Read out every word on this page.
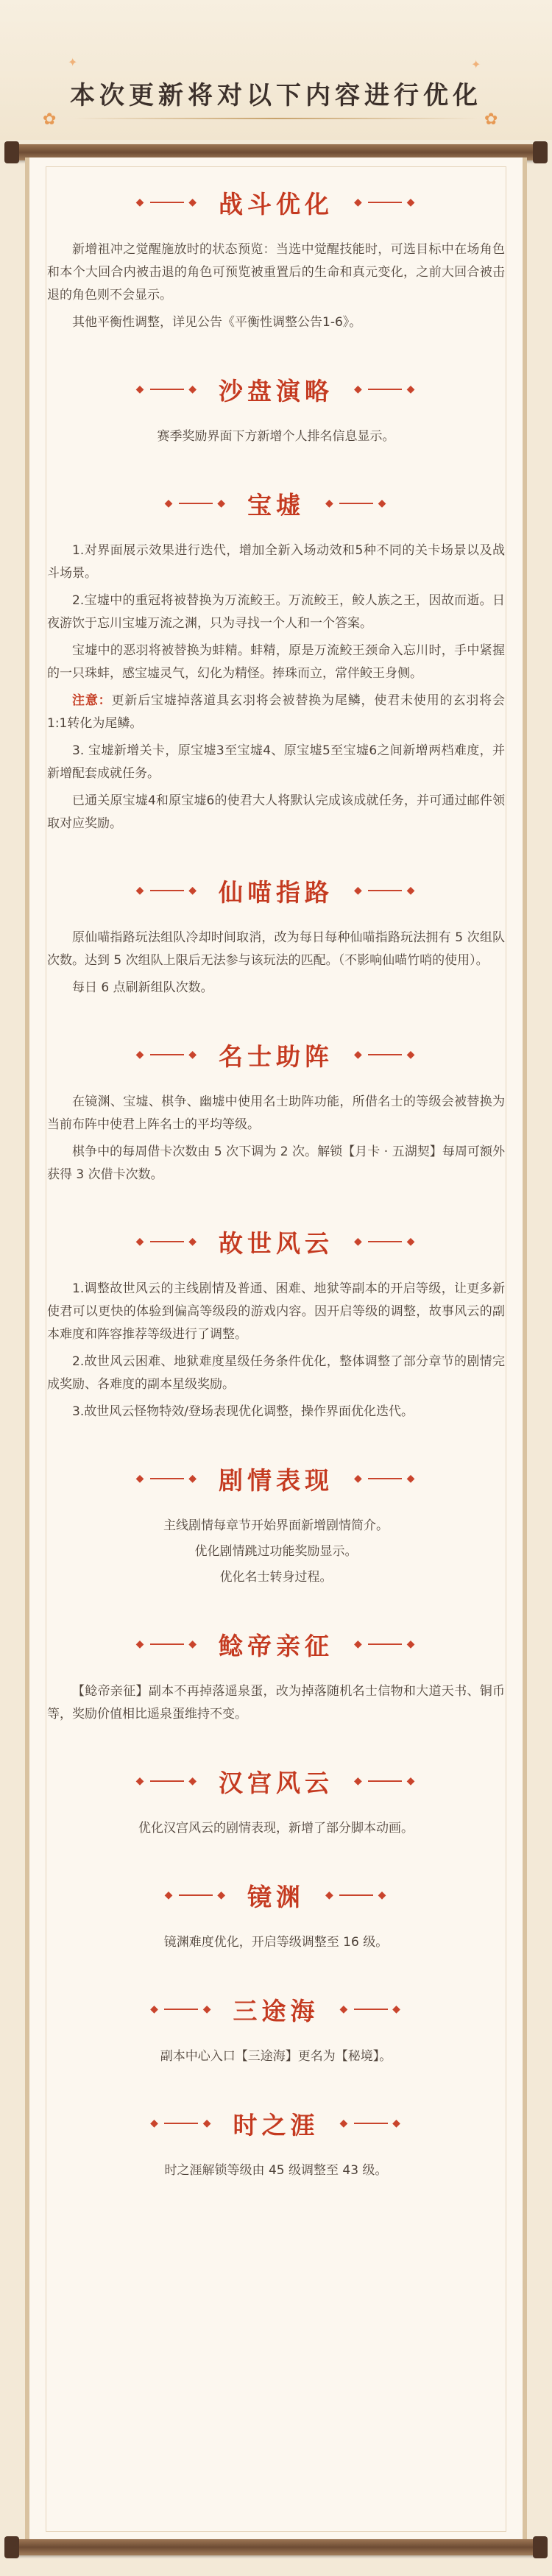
✿	✿
✦	✦
本次更新将对以下内容进行优化
◆	◆ 战斗优化 ◆	◆

新增祖冲之觉醒施放时的状态预览：当选中觉醒技能时，可选目标中在场角色和本个大回合内被击退的角色可预览被重置后的生命和真元变化，之前大回合被击退的角色则不会显示。

其他平衡性调整，详见公告《平衡性调整公告1-6》。

◆	◆ 沙盘演略 ◆	◆

赛季奖励界面下方新增个人排名信息显示。

◆	◆ 宝墟 ◆	◆

1.对界面展示效果进行迭代，增加全新入场动效和5种不同的关卡场景以及战斗场景。

2.宝墟中的重冠将被替换为万流鲛王。万流鲛王，鲛人族之王，因故而逝。日夜游饮于忘川宝墟万流之渊，只为寻找一个人和一个答案。

宝墟中的恶羽将被替换为蚌精。蚌精，原是万流鲛王颈命入忘川时，手中紧握的一只珠蚌，感宝墟灵气，幻化为精怪。捧珠而立，常伴鲛王身侧。

注意：更新后宝墟掉落道具玄羽将会被替换为尾鳞，使君未使用的玄羽将会1:1转化为尾鳞。

3. 宝墟新增关卡，原宝墟3至宝墟4、原宝墟5至宝墟6之间新增两档难度，并新增配套成就任务。

已通关原宝墟4和原宝墟6的使君大人将默认完成该成就任务，并可通过邮件领取对应奖励。

◆	◆ 仙喵指路 ◆	◆

原仙喵指路玩法组队冷却时间取消，改为每日每种仙喵指路玩法拥有 5 次组队次数。达到 5 次组队上限后无法参与该玩法的匹配。（不影响仙喵竹哨的使用）。

每日 6 点刷新组队次数。

◆	◆ 名士助阵 ◆	◆

在镜渊、宝墟、棋争、幽墟中使用名士助阵功能，所借名士的等级会被替换为当前布阵中使君上阵名士的平均等级。

棋争中的每周借卡次数由 5 次下调为 2 次。解锁【月卡 · 五湖契】每周可额外获得 3 次借卡次数。

◆	◆ 故世风云 ◆	◆

1.调整故世风云的主线剧情及普通、困难、地狱等副本的开启等级，让更多新使君可以更快的体验到偏高等级段的游戏内容。因开启等级的调整，故事风云的副本难度和阵容推荐等级进行了调整。

2.故世风云困难、地狱难度星级任务条件优化，整体调整了部分章节的剧情完成奖励、各难度的副本星级奖励。

3.故世风云怪物特效/登场表现优化调整，操作界面优化迭代。

◆	◆ 剧情表现 ◆	◆

主线剧情每章节开始界面新增剧情简介。

优化剧情跳过功能奖励显示。

优化名士转身过程。

◆	◆ 鲶帝亲征 ◆	◆

【鲶帝亲征】副本不再掉落遥泉蛋，改为掉落随机名士信物和大道天书、铜币等，奖励价值相比遥泉蛋维持不变。

◆	◆ 汉宫风云 ◆	◆

优化汉宫风云的剧情表现，新增了部分脚本动画。

◆	◆ 镜渊 ◆	◆

镜渊难度优化，开启等级调整至 16 级。

◆	◆ 三途海 ◆	◆

副本中心入口【三途海】更名为【秘境】。

◆	◆ 时之涯 ◆	◆

时之涯解锁等级由 45 级调整至 43 级。
